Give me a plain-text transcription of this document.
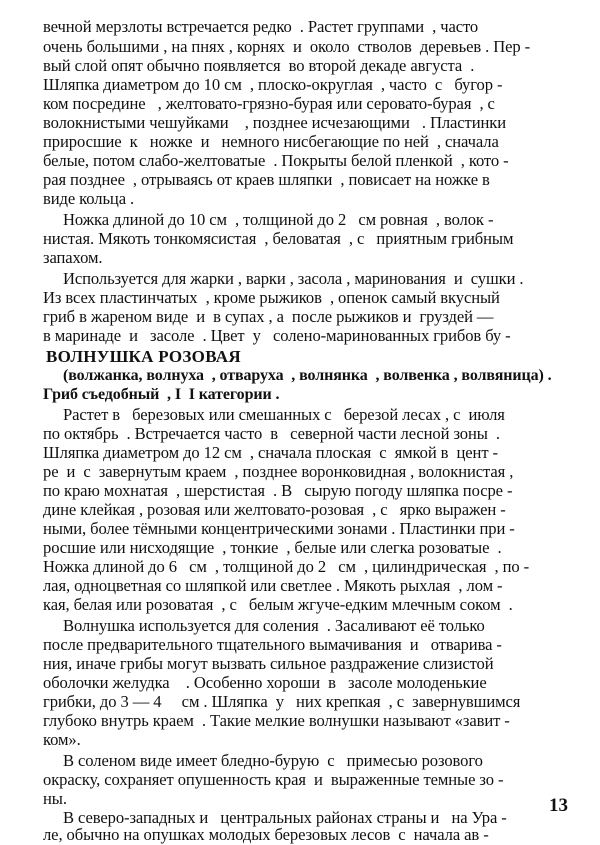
вечной мерзлоты встречается редко  . Растет группами  , часто
очень большими , на пнях , корнях  и  около  стволов  деревьев . Пер -
вый слой опят обычно появляется  во второй декаде августа  .
Шляпка диаметром до 10 см  , плоско-округлая  , часто  с   бугор -
ком посредине   , желтовато-грязно-бурая или серовато-бурая  , с
волокнистыми чешуйками    , позднее исчезающими   . Пластинки
приросшие  к   ножке  и   немного нисбегающие по ней  , сначала
белые, потом слабо-желтоватые  . Покрыты белой пленкой  , кото -
рая позднее  , отрываясь от краев шляпки  , повисает на ножке в
виде кольца .
Ножка длиной до 10 см  , толщиной до 2   см ровная  , волок -
нистая. Мякоть тонкомясистая  , беловатая  , с   приятным грибным
запахом.
Используется для жарки , варки , засола , маринования  и  сушки .
Из всех пластинчатых  , кроме рыжиков  , опенок самый вкусный
гриб в жареном виде  и  в супах , а  после рыжиков и  груздей —
в маринаде  и   засоле  . Цвет  у   солено-маринованных грибов бу -
ВОЛНУШКА РОЗОВАЯ
(волжанка, волнуха  , отваруха  , волнянка  , волвенка , волвяница) .
Гриб съедобный  , I  I категории .
Растет в   березовых или смешанных с   березой лесах , с  июля
по октябрь  . Встречается часто  в   северной части лесной зоны  .
Шляпка диаметром до 12 см  , сначала плоская  с  ямкой в  цент -
ре  и  с  завернутым краем  , позднее воронковидная , волокнистая ,
по краю мохнатая  , шерстистая  . В   сырую погоду шляпка посре -
дине клейкая , розовая или желтовато-розовая  , с   ярко выражен -
ными, более тёмными концентрическими зонами . Пластинки при -
росшие или нисходящие  , тонкие  , белые или слегка розоватые  .
Ножка длиной до 6   см  , толщиной до 2   см  , цилиндрическая  , по -
лая, одноцветная со шляпкой или светлее . Мякоть рыхлая  , лом -
кая, белая или розоватая  , с   белым жгуче-едким млечным соком  .
Волнушка используется для соления  . Засаливают её только
после предварительного тщательного вымачивания  и   отварива -
ния, иначе грибы могут вызвать сильное раздражение слизистой
оболочки желудка    . Особенно хороши  в   засоле молоденькие
грибки, до 3 — 4     см . Шляпка  у   них крепкая  , с  завернувшимся
глубоко внутрь краем  . Такие мелкие волнушки называют «завит -
ком».
В соленом виде имеет бледно-бурую  с   примесью розового
окраску, сохраняет опушенность края  и  выраженные темные зо -
ны.
В северо-западных и   центральных районах страны и   на Ура -
ле, обычно на опушках молодых березовых лесов  с  начала ав -
13
